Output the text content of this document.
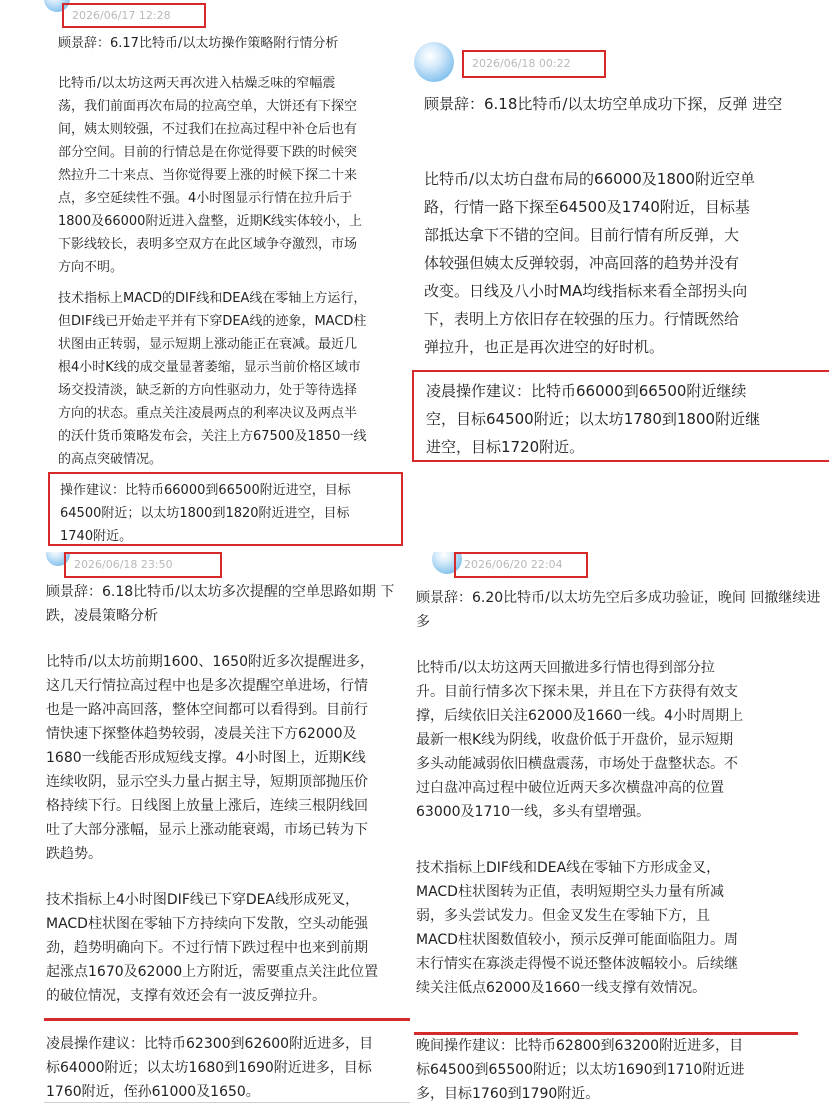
2026/06/17 12:28
顾景辞：6.17比特币/以太坊操作策略附行情分析
比特币/以太坊这两天再次进入枯燥乏味的窄幅震
荡，我们前面再次布局的拉高空单，大饼还有下探空
间，姨太则较强，不过我们在拉高过程中补仓后也有
部分空间。目前的行情总是在你觉得要下跌的时候突
然拉升二十来点、当你觉得要上涨的时候下探二十来
点，多空延续性不强。4小时图显示行情在拉升后于
1800及66000附近进入盘整，近期K线实体较小，上
下影线较长，表明多空双方在此区域争夺激烈，市场
方向不明。
技术指标上MACD的DIF线和DEA线在零轴上方运行，
但DIF线已开始走平并有下穿DEA线的迹象，MACD柱
状图由正转弱，显示短期上涨动能正在衰减。最近几
根4小时K线的成交量显著萎缩，显示当前价格区域市
场交投清淡，缺乏新的方向性驱动力，处于等待选择
方向的状态。重点关注凌晨两点的利率决议及两点半
的沃什货币策略发布会，关注上方67500及1850一线
的高点突破情况。
操作建议：比特币66000到66500附近进空，目标
64500附近；以太坊1800到1820附近进空，目标
1740附近。
2026/06/18 00:22
顾景辞：6.18比特币/以太坊空单成功下探，反弹 进空
比特币/以太坊白盘布局的66000及1800附近空单
路，行情一路下探至64500及1740附近，目标基
部抵达拿下不错的空间。目前行情有所反弹，大
体较强但姨太反弹较弱，冲高回落的趋势并没有
改变。日线及八小时MA均线指标来看全部拐头向
下，表明上方依旧存在较强的压力。行情既然给
弹拉升，也正是再次进空的好时机。
凌晨操作建议：比特币66000到66500附近继续
空，目标64500附近；以太坊1780到1800附近继
进空，目标1720附近。
2026/06/18 23:50
顾景辞：6.18比特币/以太坊多次提醒的空单思路如期 下跌，凌晨策略分析
比特币/以太坊前期1600、1650附近多次提醒进多，
这几天行情拉高过程中也是多次提醒空单进场，行情
也是一路冲高回落，整体空间都可以看得到。目前行
情快速下探整体趋势较弱，凌晨关注下方62000及
1680一线能否形成短线支撑。4小时图上，近期K线
连续收阴，显示空头力量占据主导，短期顶部抛压价
格持续下行。日线图上放量上涨后，连续三根阴线回
吐了大部分涨幅，显示上涨动能衰竭，市场已转为下
跌趋势。
技术指标上4小时图DIF线已下穿DEA线形成死叉，
MACD柱状图在零轴下方持续向下发散，空头动能强
劲，趋势明确向下。不过行情下跌过程中也来到前期
起涨点1670及62000上方附近，需要重点关注此位置
的破位情况，支撑有效还会有一波反弹拉升。
凌晨操作建议：比特币62300到62600附近进多，目
标64000附近；以太坊1680到1690附近进多，目标
1760附近，侄孙61000及1650。
2026/06/20 22:04
顾景辞：6.20比特币/以太坊先空后多成功验证，晚间 回撤继续进多
比特币/以太坊这两天回撤进多行情也得到部分拉
升。目前行情多次下探未果，并且在下方获得有效支
撑，后续依旧关注62000及1660一线。4小时周期上
最新一根K线为阴线，收盘价低于开盘价，显示短期
多头动能减弱依旧横盘震荡，市场处于盘整状态。不
过白盘冲高过程中破位近两天多次横盘冲高的位置
63000及1710一线，多头有望增强。
技术指标上DIF线和DEA线在零轴下方形成金叉，
MACD柱状图转为正值，表明短期空头力量有所减
弱，多头尝试发力。但金叉发生在零轴下方，且
MACD柱状图数值较小，预示反弹可能面临阻力。周
末行情实在寡淡走得慢不说还整体波幅较小。后续继
续关注低点62000及1660一线支撑有效情况。
晚间操作建议：比特币62800到63200附近进多，目
标64500到65500附近；以太坊1690到1710附近进
多，目标1760到1790附近。
